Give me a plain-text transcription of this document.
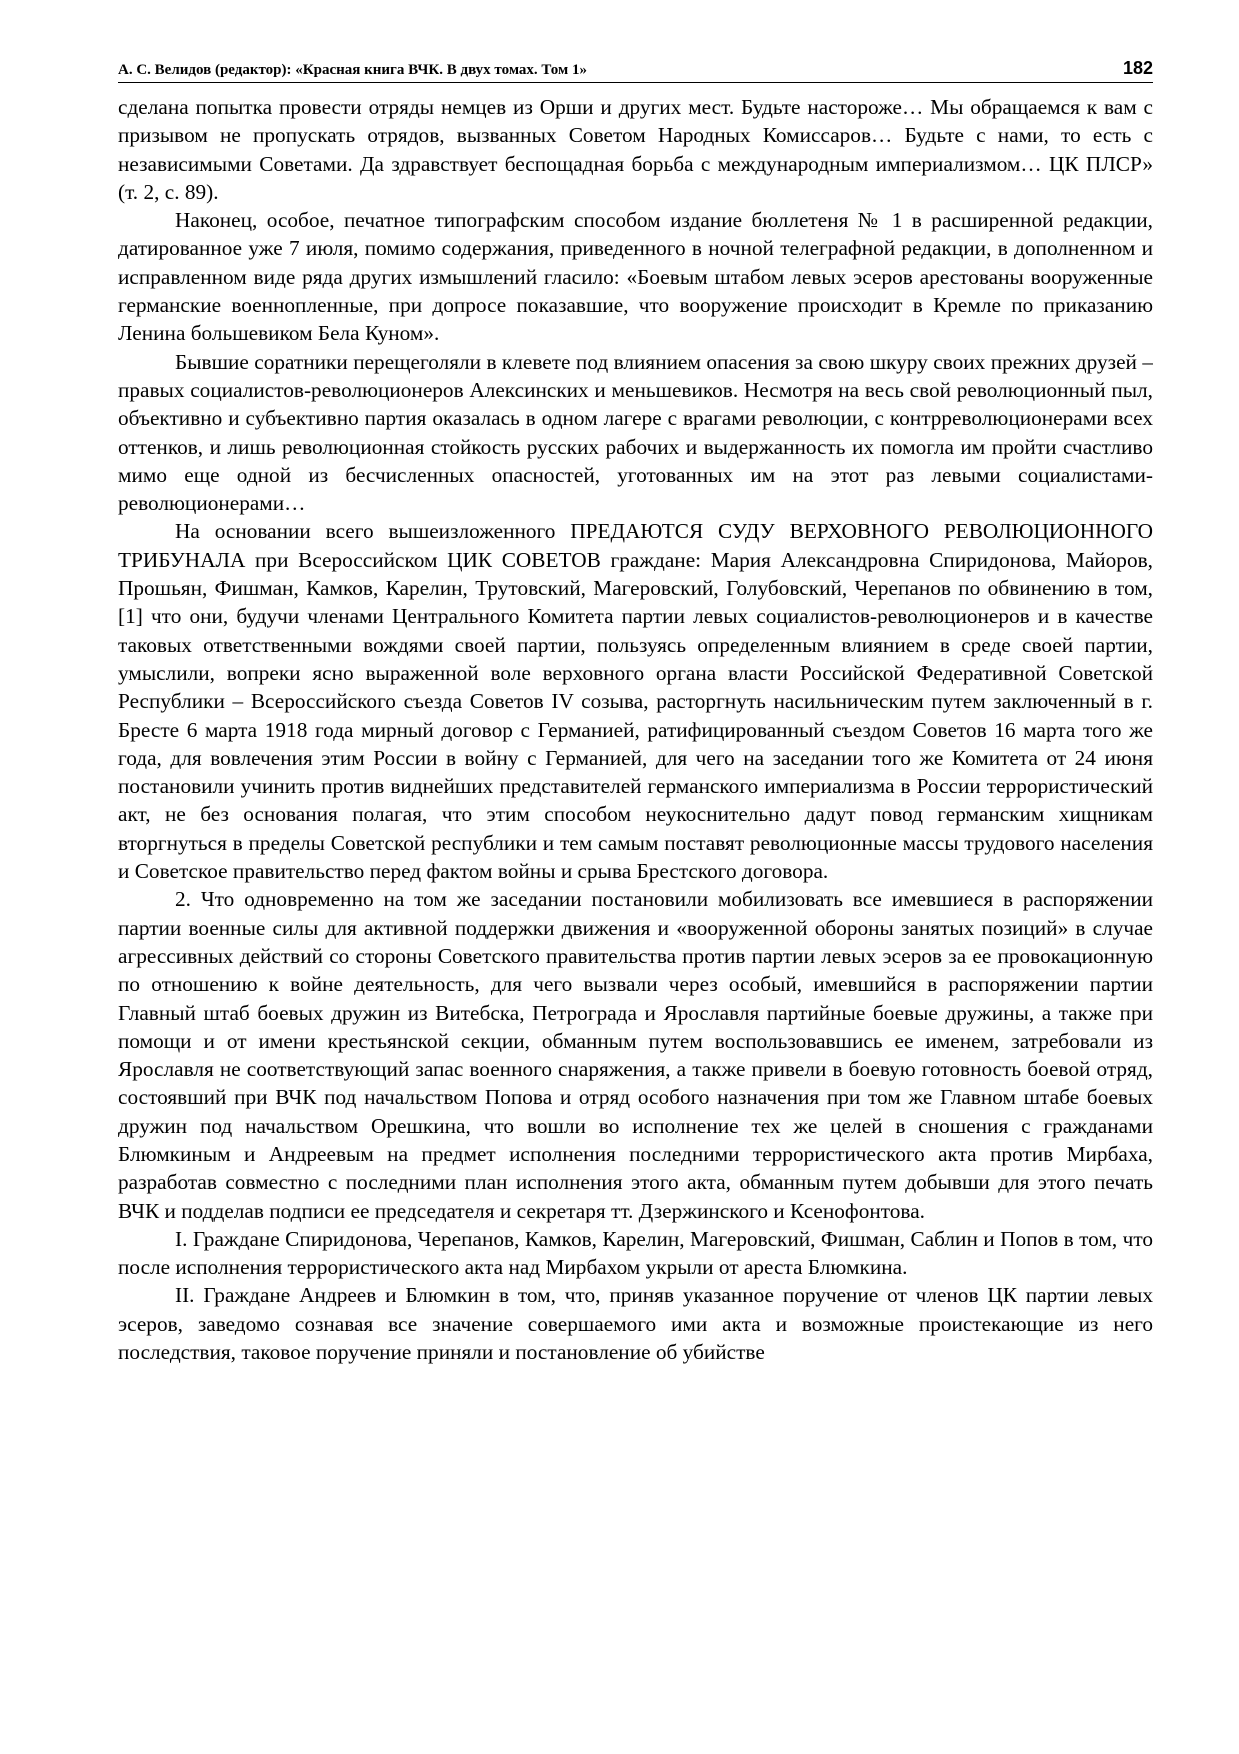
А. С. Велидов (редактор): «Красная книга ВЧК. В двух томах. Том 1»	182

сделана попытка провести отряды немцев из Орши и других мест. Будьте настороже… Мы обращаемся к вам с призывом не пропускать отрядов, вызванных Советом Народных Комиссаров… Будьте с нами, то есть с независимыми Советами. Да здравствует беспощадная борьба с международным империализмом… ЦК ПЛСР» (т. 2, с. 89).

Наконец, особое, печатное типографским способом издание бюллетеня № 1 в расширенной редакции, датированное уже 7 июля, помимо содержания, приведенного в ночной телеграфной редакции, в дополненном и исправленном виде ряда других измышлений гласило: «Боевым штабом левых эсеров арестованы вооруженные германские военнопленные, при допросе показавшие, что вооружение происходит в Кремле по приказанию Ленина большевиком Бела Куном».

Бывшие соратники перещеголяли в клевете под влиянием опасения за свою шкуру своих прежних друзей – правых социалистов-революционеров Алексинских и меньшевиков. Несмотря на весь свой революционный пыл, объективно и субъективно партия оказалась в одном лагере с врагами революции, с контрреволюционерами всех оттенков, и лишь революционная стойкость русских рабочих и выдержанность их помогла им пройти счастливо мимо еще одной из бесчисленных опасностей, уготованных им на этот раз левыми социалистами-революционерами…

На основании всего вышеизложенного ПРЕДАЮТСЯ СУДУ ВЕРХОВНОГО РЕВОЛЮЦИОННОГО ТРИБУНАЛА при Всероссийском ЦИК СОВЕТОВ граждане: Мария Александровна Спиридонова, Майоров, Прошьян, Фишман, Камков, Карелин, Трутовский, Магеровский, Голубовский, Черепанов по обвинению в том, [1] что они, будучи членами Центрального Комитета партии левых социалистов-революционеров и в качестве таковых ответственными вождями своей партии, пользуясь определенным влиянием в среде своей партии, умыслили, вопреки ясно выраженной воле верховного органа власти Российской Федеративной Советской Республики – Всероссийского съезда Советов IV созыва, расторгнуть насильническим путем заключенный в г. Бресте 6 марта 1918 года мирный договор с Германией, ратифицированный съездом Советов 16 марта того же года, для вовлечения этим России в войну с Германией, для чего на заседании того же Комитета от 24 июня постановили учинить против виднейших представителей германского империализма в России террористический акт, не без основания полагая, что этим способом неукоснительно дадут повод германским хищникам вторгнуться в пределы Советской республики и тем самым поставят революционные массы трудового населения и Советское правительство перед фактом войны и срыва Брестского договора.

2. Что одновременно на том же заседании постановили мобилизовать все имевшиеся в распоряжении партии военные силы для активной поддержки движения и «вооруженной обороны занятых позиций» в случае агрессивных действий со стороны Советского правительства против партии левых эсеров за ее провокационную по отношению к войне деятельность, для чего вызвали через особый, имевшийся в распоряжении партии Главный штаб боевых дружин из Витебска, Петрограда и Ярославля партийные боевые дружины, а также при помощи и от имени крестьянской секции, обманным путем воспользовавшись ее именем, затребовали из Ярославля не соответствующий запас военного снаряжения, а также привели в боевую готовность боевой отряд, состоявший при ВЧК под начальством Попова и отряд особого назначения при том же Главном штабе боевых дружин под начальством Орешкина, что вошли во исполнение тех же целей в сношения с гражданами Блюмкиным и Андреевым на предмет исполнения последними террористического акта против Мирбаха, разработав совместно с последними план исполнения этого акта, обманным путем добывши для этого печать ВЧК и подделав подписи ее председателя и секретаря тт. Дзержинского и Ксенофонтова.

I. Граждане Спиридонова, Черепанов, Камков, Карелин, Магеровский, Фишман, Саблин и Попов в том, что после исполнения террористического акта над Мирбахом укрыли от ареста Блюмкина.

II. Граждане Андреев и Блюмкин в том, что, приняв указанное поручение от членов ЦК партии левых эсеров, заведомо сознавая все значение совершаемого ими акта и возможные проистекающие из него последствия, таковое поручение приняли и постановление об убийстве
